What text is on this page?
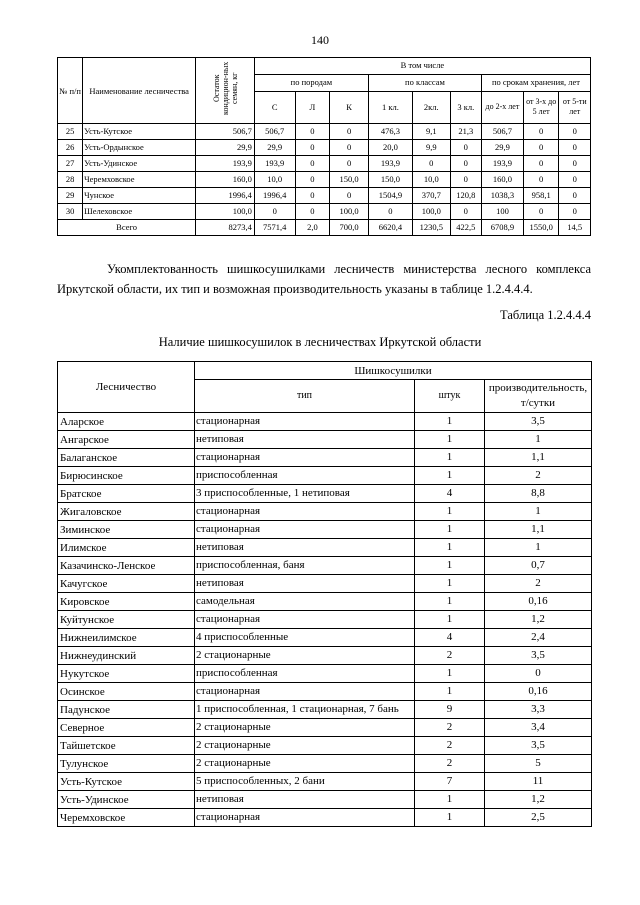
140
№ п/п	Наименование лесничества	Остаток кондицион-ных семян, кг	В том числе								
			по породам			по классам			по срокам хранения, лет		
			С	Л	К	1 кл.	2кл.	3 кл.	до 2-х лет	от 3-х до 5 лет	от 5-ти лет
25	Усть-Кутское	506,7	506,7	0	0	476,3	9,1	21,3	506,7	0	0
26	Усть-Ордынское	29,9	29,9	0	0	20,0	9,9	0	29,9	0	0
27	Усть-Удинское	193,9	193,9	0	0	193,9	0	0	193,9	0	0
28	Черемховское	160,0	10,0	0	150,0	150,0	10,0	0	160,0	0	0
29	Чунское	1996,4	1996,4	0	0	1504,9	370,7	120,8	1038,3	958,1	0
30	Шелеховское	100,0	0	0	100,0	0	100,0	0	100	0	0
Всего		8273,4	7571,4	2,0	700,0	6620,4	1230,5	422,5	6708,9	1550,0	14,5
Укомплектованность шишкосушилками лесничеств министерства лесного комплекса Иркутской области, их тип и возможная производительность указаны в таблице 1.2.4.4.4.
Таблица 1.2.4.4.4
Наличие шишкосушилок в лесничествах Иркутской области
Лесничество	Шишкосушилки		
	тип	штук	производительность, т/сутки
Аларское	стационарная	1	3,5
Ангарское	нетиповая	1	1
Балаганское	стационарная	1	1,1
Бирюсинское	приспособленная	1	2
Братское	3 приспособленные, 1 нетиповая	4	8,8
Жигаловское	стационарная	1	1
Зиминское	стационарная	1	1,1
Илимское	нетиповая	1	1
Казачинско-Ленское	приспособленная, баня	1	0,7
Качугское	нетиповая	1	2
Кировское	самодельная	1	0,16
Куйтунское	стационарная	1	1,2
Нижнеилимское	4 приспособленные	4	2,4
Нижнеудинский	2 стационарные	2	3,5
Нукутское	приспособленная	1	0
Осинское	стационарная	1	0,16
Падунское	1 приспособленная, 1 стационарная, 7 бань	9	3,3
Северное	2 стационарные	2	3,4
Тайшетское	2 стационарные	2	3,5
Тулунское	2 стационарные	2	5
Усть-Кутское	5 приспособленных, 2 бани	7	11
Усть-Удинское	нетиповая	1	1,2
Черемховское	стационарная	1	2,5
